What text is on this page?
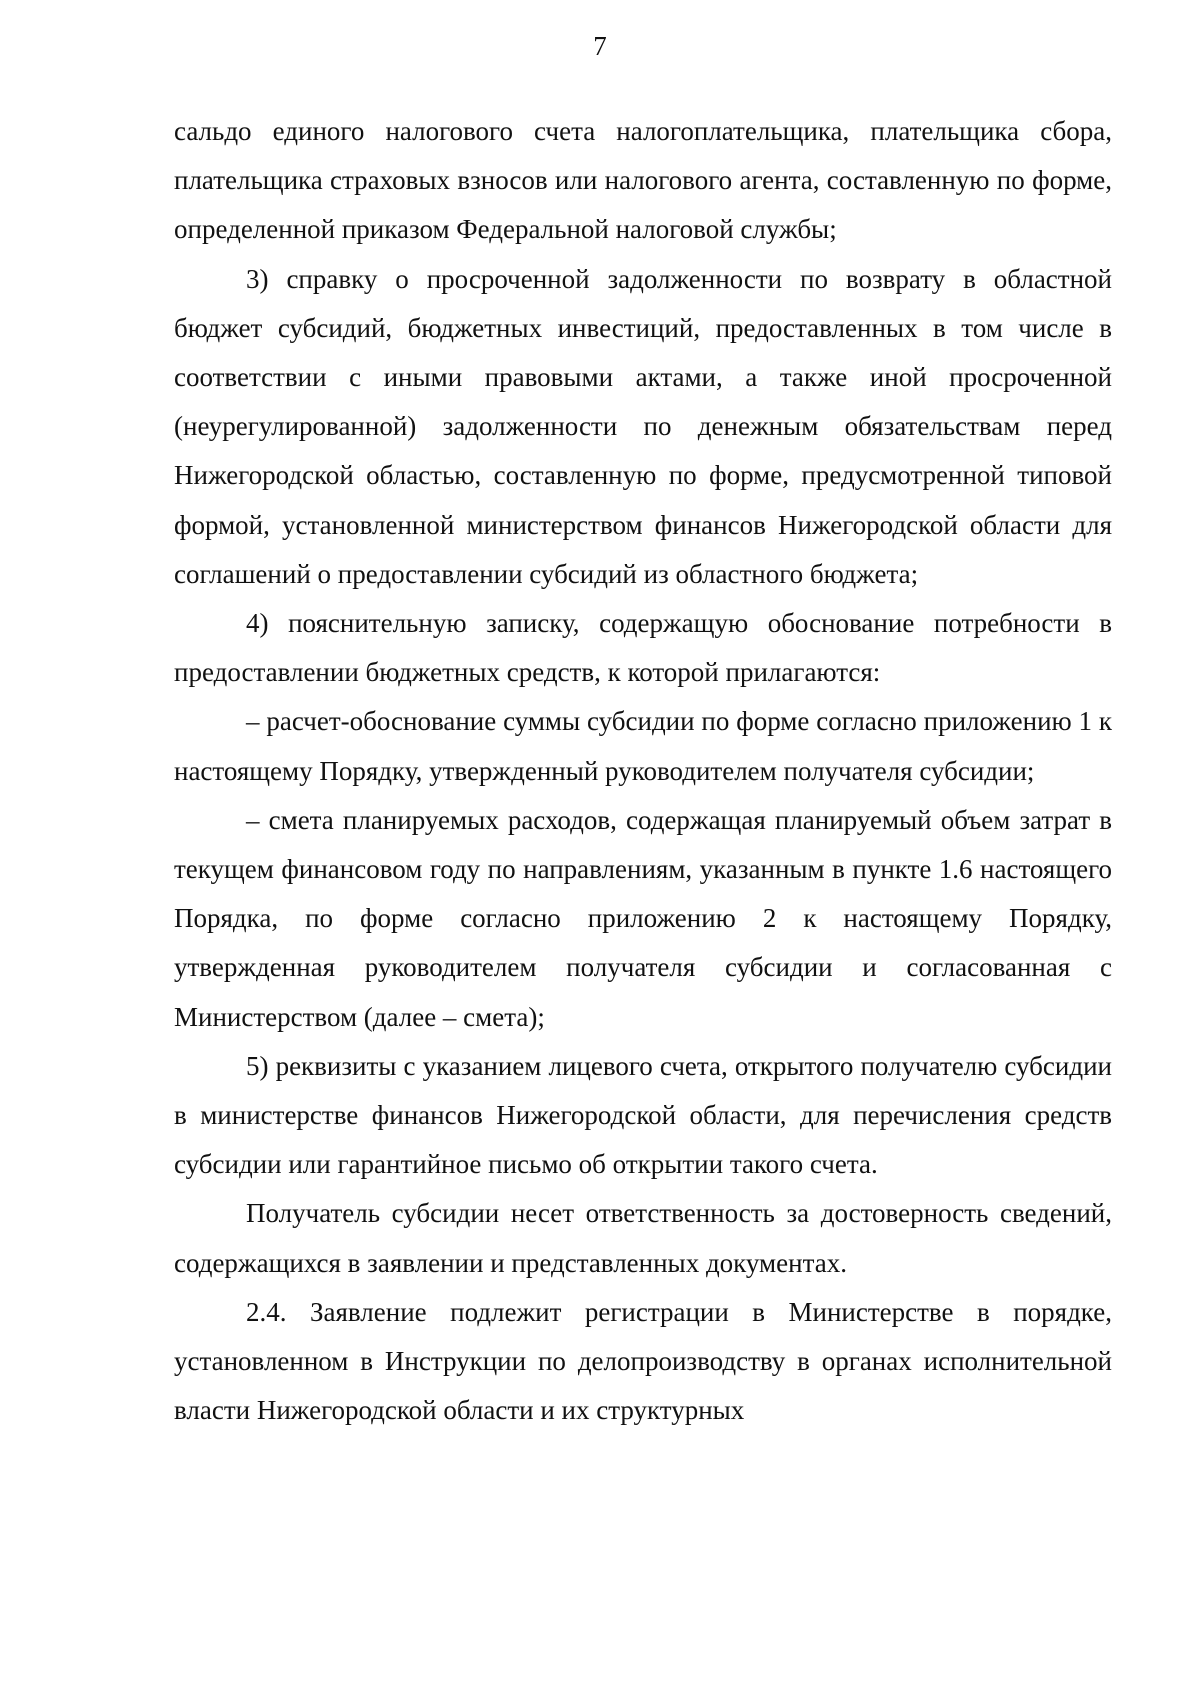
7

сальдо единого налогового счета налогоплательщика, плательщика сбора, плательщика страховых взносов или налогового агента, составленную по форме, определенной приказом Федеральной налоговой службы;

3) справку о просроченной задолженности по возврату в областной бюджет субсидий, бюджетных инвестиций, предоставленных в том числе в соответствии с иными правовыми актами, а также иной просроченной (неурегулированной) задолженности по денежным обязательствам перед Нижегородской областью, составленную по форме, предусмотренной типовой формой, установленной министерством финансов Нижегородской области для соглашений о предоставлении субсидий из областного бюджета;

4) пояснительную записку, содержащую обоснование потребности в предоставлении бюджетных средств, к которой прилагаются:

– расчет-обоснование суммы субсидии по форме согласно приложению 1 к настоящему Порядку, утвержденный руководителем получателя субсидии;

– смета планируемых расходов, содержащая планируемый объем затрат в текущем финансовом году по направлениям, указанным в пункте 1.6 настоящего Порядка, по форме согласно приложению 2 к настоящему Порядку, утвержденная руководителем получателя субсидии и согласованная с Министерством (далее – смета);

5) реквизиты с указанием лицевого счета, открытого получателю субсидии в министерстве финансов Нижегородской области, для перечисления средств субсидии или гарантийное письмо об открытии такого счета.

Получатель субсидии несет ответственность за достоверность сведений, содержащихся в заявлении и представленных документах.

2.4. Заявление подлежит регистрации в Министерстве в порядке, установленном в Инструкции по делопроизводству в органах исполнительной власти Нижегородской области и их структурных
